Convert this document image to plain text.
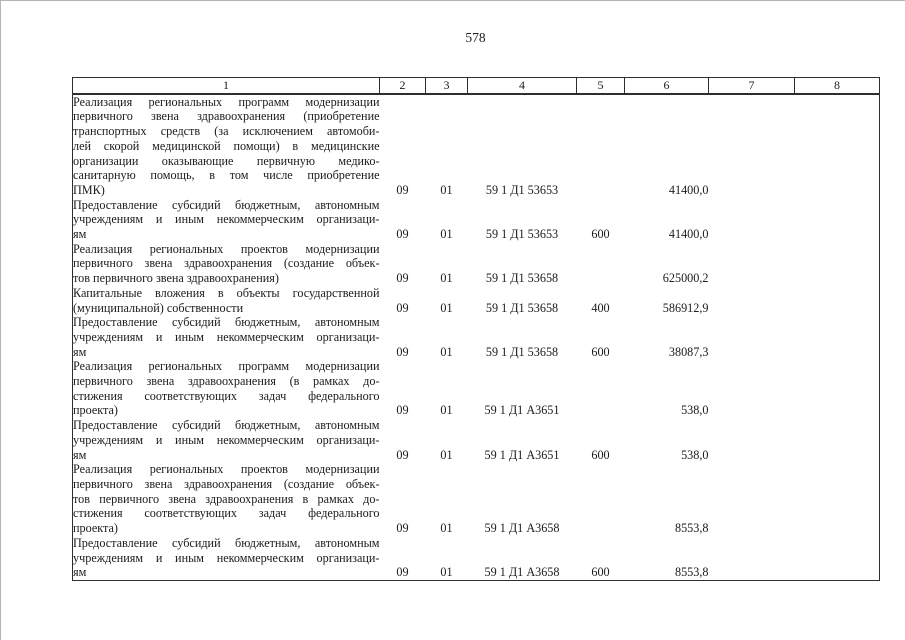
578
1	2	3	4	5	6	7	8

Реализация региональных программ модернизации
первичного звена здравоохранения (приобретение
транспортных средств (за исключением автомоби-
лей скорой медицинской помощи) в медицинские
организации оказывающие первичную медико-
санитарную помощь, в том числе приобретение
ПМК)	09	01	59 1 Д1 53653		41400,0		

Предоставление субсидий бюджетным, автономным
учреждениям и иным некоммерческим организаци-
ям	09	01	59 1 Д1 53653	600	41400,0		

Реализация региональных проектов модернизации
первичного звена здравоохранения (создание объек-
тов первичного звена здравоохранения)	09	01	59 1 Д1 53658		625000,2		

Капитальные вложения в объекты государственной
(муниципальной) собственности	09	01	59 1 Д1 53658	400	586912,9		

Предоставление субсидий бюджетным, автономным
учреждениям и иным некоммерческим организаци-
ям	09	01	59 1 Д1 53658	600	38087,3		

Реализация региональных программ модернизации
первичного звена здравоохранения (в рамках до-
стижения соответствующих задач федерального
проекта)	09	01	59 1 Д1 А3651		538,0		

Предоставление субсидий бюджетным, автономным
учреждениям и иным некоммерческим организаци-
ям	09	01	59 1 Д1 А3651	600	538,0		

Реализация региональных проектов модернизации
первичного звена здравоохранения (создание объек-
тов первичного звена здравоохранения в рамках до-
стижения соответствующих задач федерального
проекта)	09	01	59 1 Д1 А3658		8553,8		

Предоставление субсидий бюджетным, автономным
учреждениям и иным некоммерческим организаци-
ям	09	01	59 1 Д1 А3658	600	8553,8		
